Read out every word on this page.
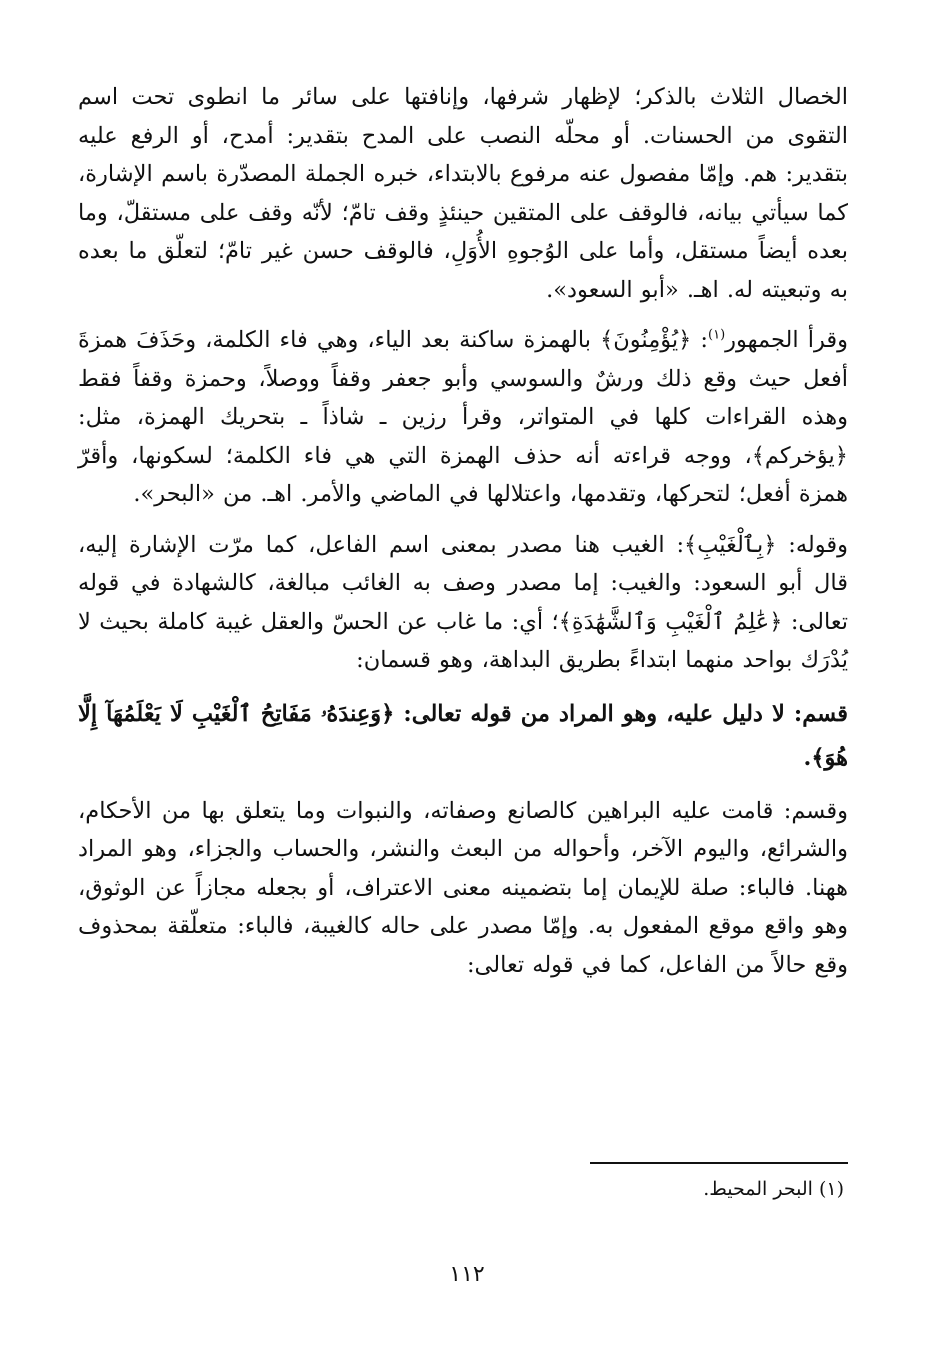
الخصال الثلاث بالذكر؛ لإظهار شرفها، وإنافتها على سائر ما انطوى تحت اسم التقوى من الحسنات. أو محلّه النصب على المدح بتقدير: أمدح، أو الرفع عليه بتقدير: هم. وإمّا مفصول عنه مرفوع بالابتداء، خبره الجملة المصدّرة باسم الإشارة، كما سيأتي بيانه، فالوقف على المتقين حينئذٍ وقف تامّ؛ لأنّه وقف على مستقلّ، وما بعده أيضاً مستقل، وأما على الوُجوهِ الأُوَلِ، فالوقف حسن غير تامّ؛ لتعلّق ما بعده به وتبعيته له. اهـ. «أبو السعود».

وقرأ الجمهور$^{(١)}$: ﴿يُؤْمِنُونَ﴾ بالهمزة ساكنة بعد الياء، وهي فاء الكلمة، وحَذَفَ همزةَ أفعل حيث وقع ذلك ورشٌ والسوسي وأبو جعفر وقفاً ووصلاً، وحمزة وقفاً فقط وهذه القراءات كلها في المتواتر، وقرأ رزين ـ شاذاً ـ بتحريك الهمزة، مثل: ﴿يؤخركم﴾، ووجه قراءته أنه حذف الهمزة التي هي فاء الكلمة؛ لسكونها، وأقرّ همزة أفعل؛ لتحركها، وتقدمها، واعتلالها في الماضي والأمر. اهـ. من «البحر».

وقوله: ﴿بِٱلْغَيْبِ﴾: الغيب هنا مصدر بمعنى اسم الفاعل، كما مرّت الإشارة إليه، قال أبو السعود: والغيب: إما مصدر وصف به الغائب مبالغة، كالشهادة في قوله تعالى: ﴿عَٰلِمُ ٱلْغَيْبِ وَٱلشَّهَٰدَةِ﴾؛ أي: ما غاب عن الحسّ والعقل غيبة كاملة بحيث لا يُدْرَك بواحد منهما ابتداءً بطريق البداهة، وهو قسمان:

قسم: لا دليل عليه، وهو المراد من قوله تعالى: ﴿وَعِندَهُۥ مَفَاتِحُ ٱلْغَيْبِ لَا يَعْلَمُهَآ إِلَّا هُوَ﴾.

وقسم: قامت عليه البراهين كالصانع وصفاته، والنبوات وما يتعلق بها من الأحكام، والشرائع، واليوم الآخر، وأحواله من البعث والنشر، والحساب والجزاء، وهو المراد ههنا. فالباء: صلة للإيمان إما بتضمينه معنى الاعتراف، أو بجعله مجازاً عن الوثوق، وهو واقع موقع المفعول به. وإمّا مصدر على حاله كالغيبة، فالباء: متعلّقة بمحذوف وقع حالاً من الفاعل، كما في قوله تعالى:

(١) البحر المحيط.

١١٢
